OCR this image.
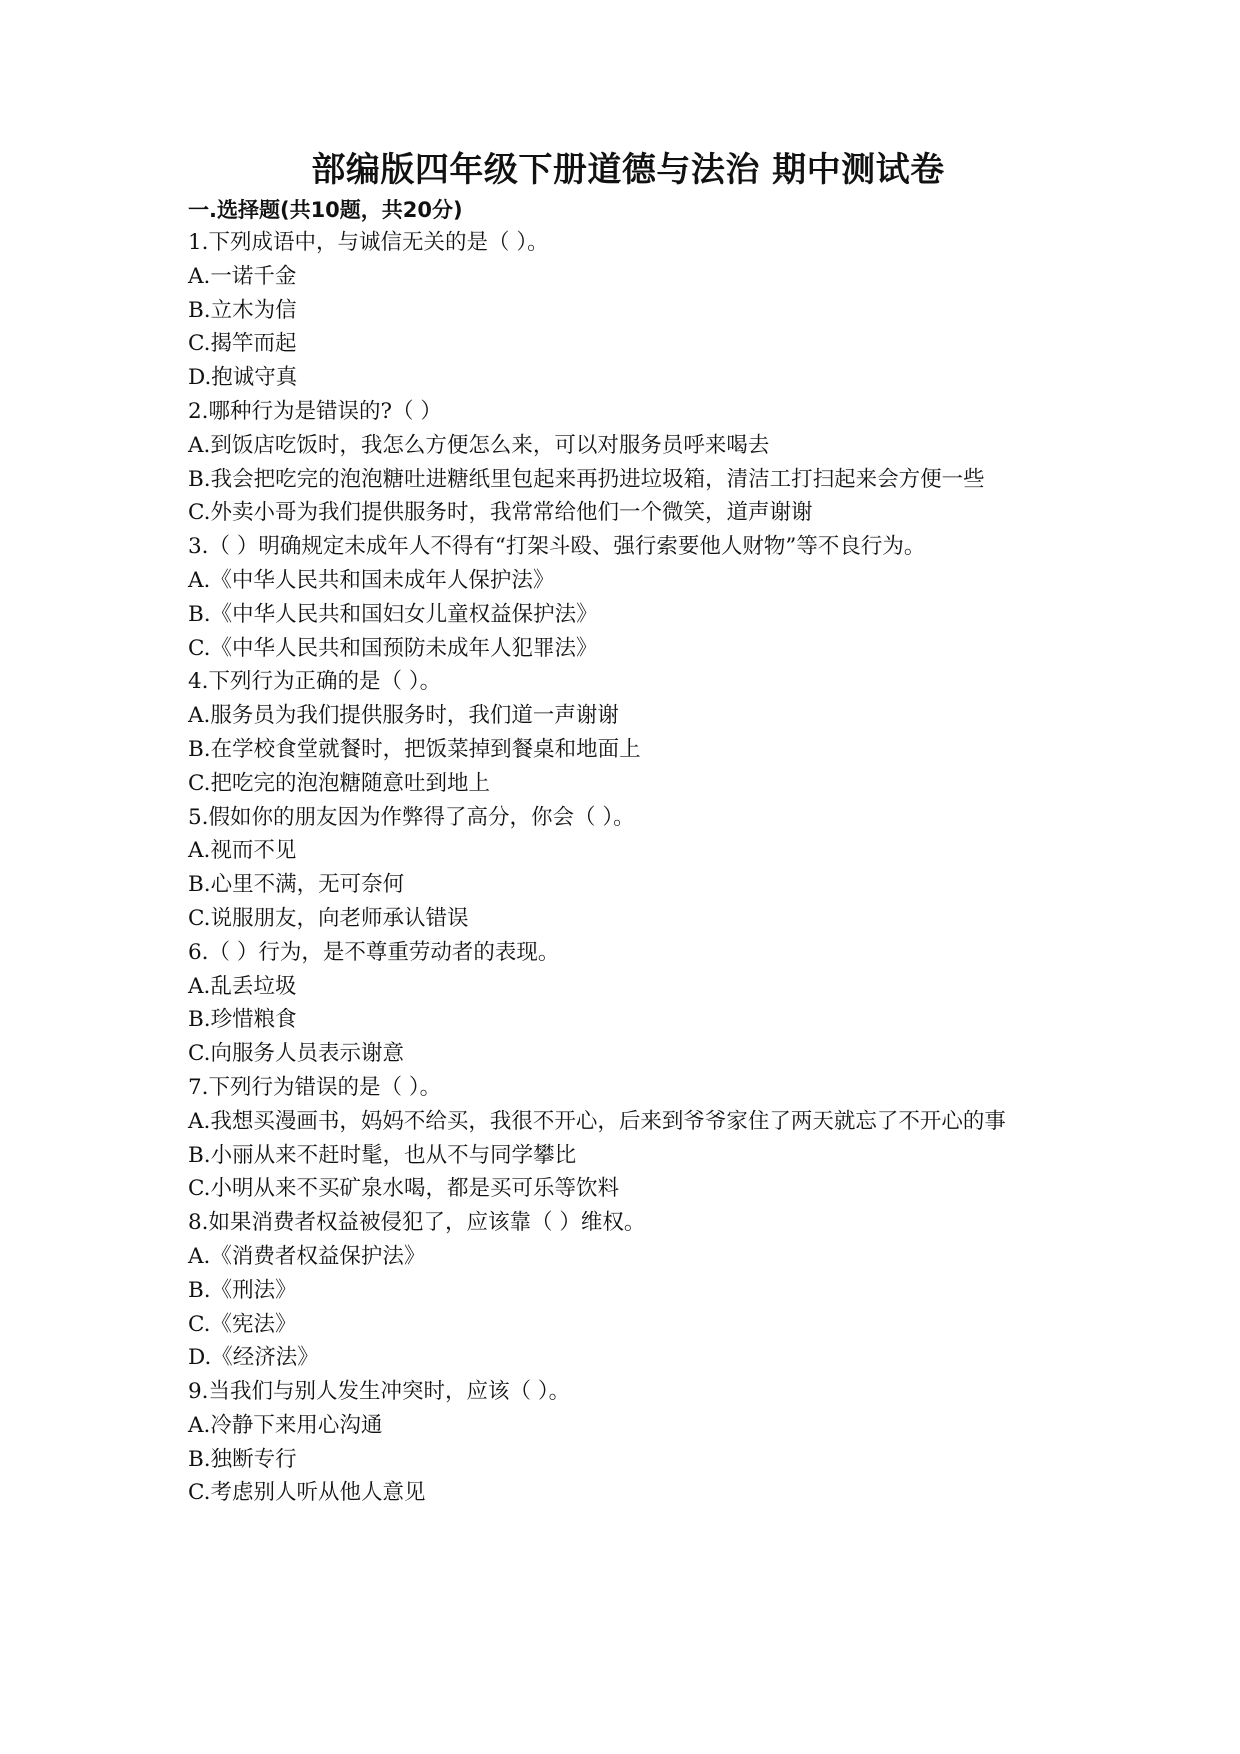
部编版四年级下册道德与法治 期中测试卷
一.选择题(共10题，共20分)

1.下列成语中，与诚信无关的是（ ）。

A.一诺千金

B.立木为信

C.揭竿而起

D.抱诚守真

2.哪种行为是错误的?（ ）

A.到饭店吃饭时，我怎么方便怎么来，可以对服务员呼来喝去

B.我会把吃完的泡泡糖吐进糖纸里包起来再扔进垃圾箱，清洁工打扫起来会方便一些

C.外卖小哥为我们提供服务时，我常常给他们一个微笑，道声谢谢

3.（ ）明确规定未成年人不得有“打架斗殴、强行索要他人财物”等不良行为。

A.《中华人民共和国未成年人保护法》

B.《中华人民共和国妇女儿童权益保护法》

C.《中华人民共和国预防未成年人犯罪法》

4.下列行为正确的是（ ）。

A.服务员为我们提供服务时，我们道一声谢谢

B.在学校食堂就餐时，把饭菜掉到餐桌和地面上

C.把吃完的泡泡糖随意吐到地上

5.假如你的朋友因为作弊得了高分，你会（ ）。

A.视而不见

B.心里不满，无可奈何

C.说服朋友，向老师承认错误

6.（ ）行为，是不尊重劳动者的表现。

A.乱丢垃圾

B.珍惜粮食

C.向服务人员表示谢意

7.下列行为错误的是（ ）。

A.我想买漫画书，妈妈不给买，我很不开心，后来到爷爷家住了两天就忘了不开心的事

B.小丽从来不赶时髦，也从不与同学攀比

C.小明从来不买矿泉水喝，都是买可乐等饮料

8.如果消费者权益被侵犯了，应该靠（ ）维权。

A.《消费者权益保护法》

B.《刑法》

C.《宪法》

D.《经济法》

9.当我们与别人发生冲突时，应该（ ）。

A.冷静下来用心沟通

B.独断专行

C.考虑别人听从他人意见
